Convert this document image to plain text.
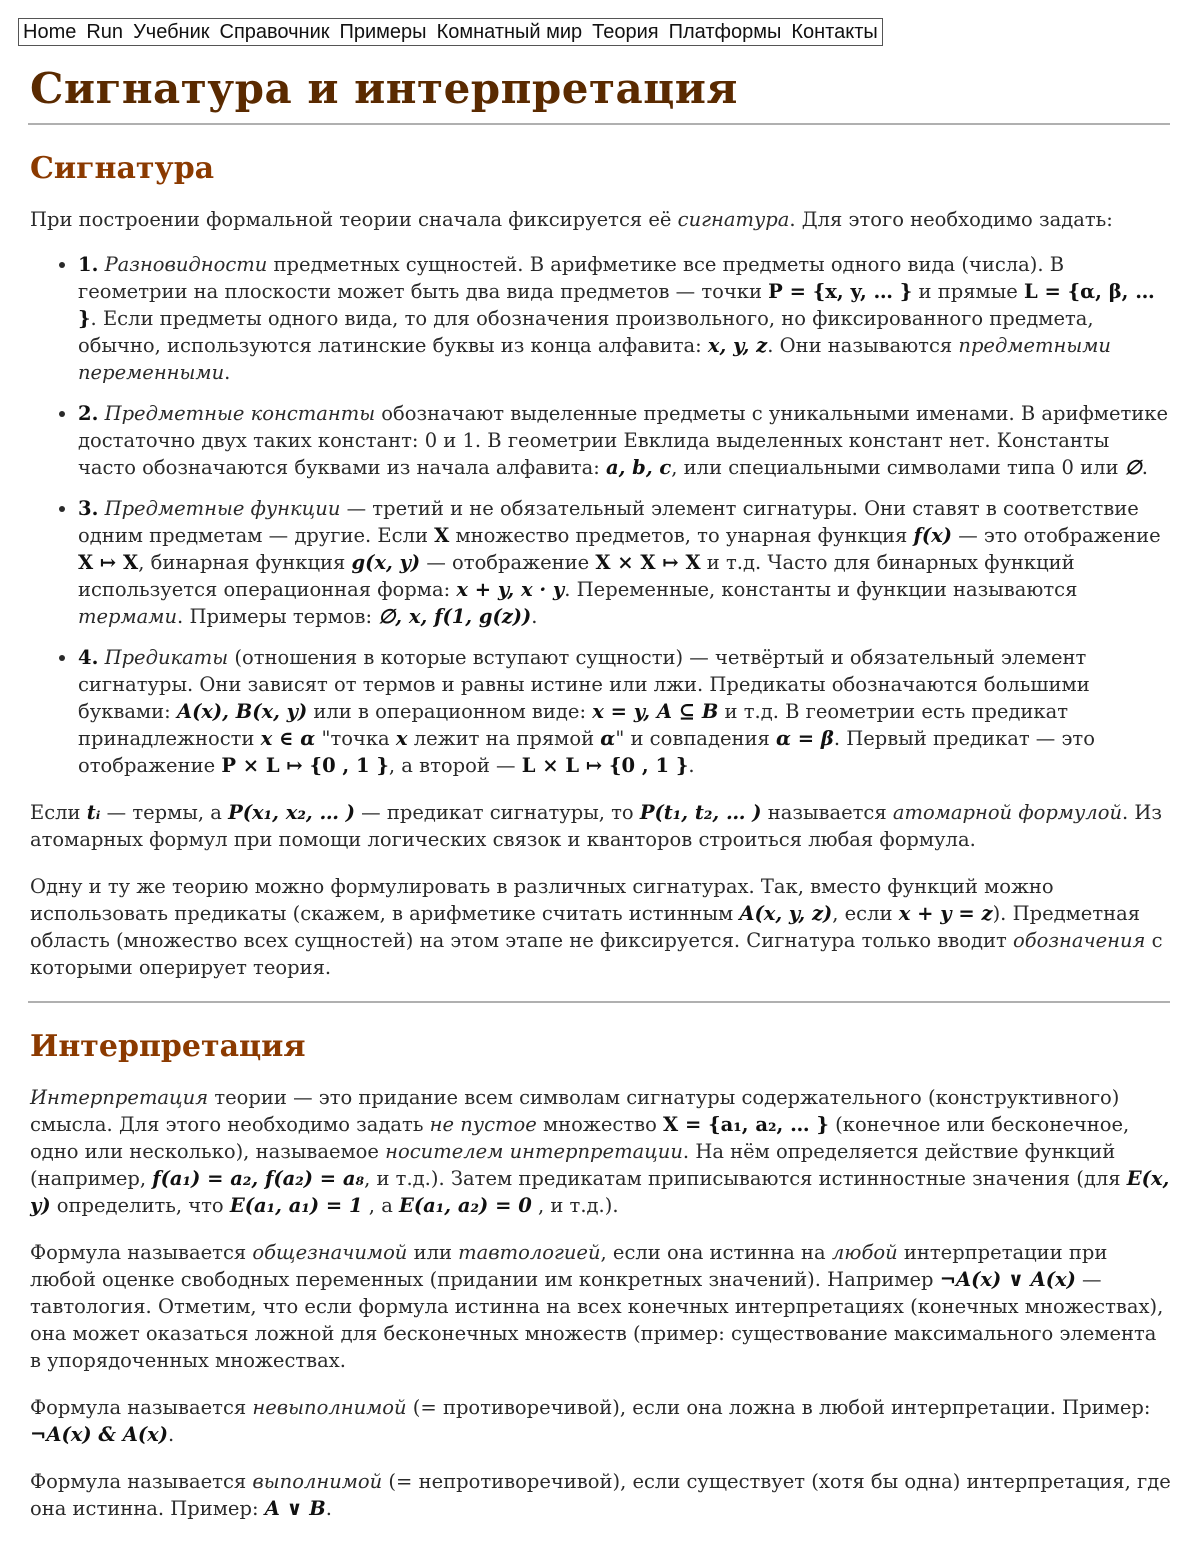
Home Run Учебник Справочник Примеры Комнатный мир Теория Платформы Контакты
Сигнатура и интерпретация
Сигнатура

При построении формальной теории сначала фиксируется её сигнатура. Для этого необходимо задать:

• 1. Разновидности предметных сущностей. В арифметике все предметы одного вида (числа). В геометрии на плоскости может быть два вида предметов — точки P = {x, y, … } и прямые L = {α, β, … }. Если предметы одного вида, то для обозначения произвольного, но фиксированного предмета, обычно, используются латинские буквы из конца алфавита: x, y, z. Они называются предметными переменными.
• 2. Предметные константы обозначают выделенные предметы с уникальными именами. В арифметике достаточно двух таких констант: 0 и 1. В геометрии Евклида выделенных констант нет. Константы часто обозначаются буквами из начала алфавита: a, b, c, или специальными символами типа 0 или ∅.
• 3. Предметные функции — третий и не обязательный элемент сигнатуры. Они ставят в соответствие одним предметам — другие. Если X множество предметов, то унарная функция f(x) — это отображение X ↦ X, бинарная функция g(x, y) — отображение X × X ↦ X и т.д. Часто для бинарных функций используется операционная форма: x + y, x · y. Переменные, константы и функции называются термами. Примеры термов: ∅, x, f(1, g(z)).
• 4. Предикаты (отношения в которые вступают сущности) — четвёртый и обязательный элемент сигнатуры. Они зависят от термов и равны истине или лжи. Предикаты обозначаются большими буквами: A(x), B(x, y) или в операционном виде: x = y, A ⊆ B и т.д. В геометрии есть предикат принадлежности x ∈ α "точка x лежит на прямой α" и совпадения α = β. Первый предикат — это отображение P × L ↦ {0 , 1 }, а второй — L × L ↦ {0 , 1 }.

Если tᵢ — термы, а P(x₁, x₂, … ) — предикат сигнатуры, то P(t₁, t₂, … ) называется атомарной формулой. Из атомарных формул при помощи логических связок и кванторов строиться любая формула.

Одну и ту же теорию можно формулировать в различных сигнатурах. Так, вместо функций можно использовать предикаты (скажем, в арифметике считать истинным A(x, y, z), если x + y = z). Предметная область (множество всех сущностей) на этом этапе не фиксируется. Сигнатура только вводит обозначения с которыми оперирует теория.

Интерпретация

Интерпретация теории — это придание всем символам сигнатуры содержательного (конструктивного) смысла. Для этого необходимо задать не пустое множество X = {a₁, a₂, … } (конечное или бесконечное, одно или несколько), называемое носителем интерпретации. На нём определяется действие функций (например, f(a₁) = a₂, f(a₂) = a₈, и т.д.). Затем предикатам приписываются истинностные значения (для E(x, y) определить, что E(a₁, a₁) = 1 , а E(a₁, a₂) = 0 , и т.д.).

Формула называется общезначимой или тавтологией, если она истинна на любой интерпретации при любой оценке свободных переменных (придании им конкретных значений). Например ¬A(x) ∨ A(x) — тавтология. Отметим, что если формула истинна на всех конечных интерпретациях (конечных множествах), она может оказаться ложной для бесконечных множеств (пример: существование максимального элемента в упорядоченных множествах.

Формула называется невыполнимой (= противоречивой), если она ложна в любой интерпретации. Пример: ¬A(x) & A(x).

Формула называется выполнимой (= непротиворечивой), если существует (хотя бы одна) интерпретация, где она истинна. Пример: A ∨ B.
